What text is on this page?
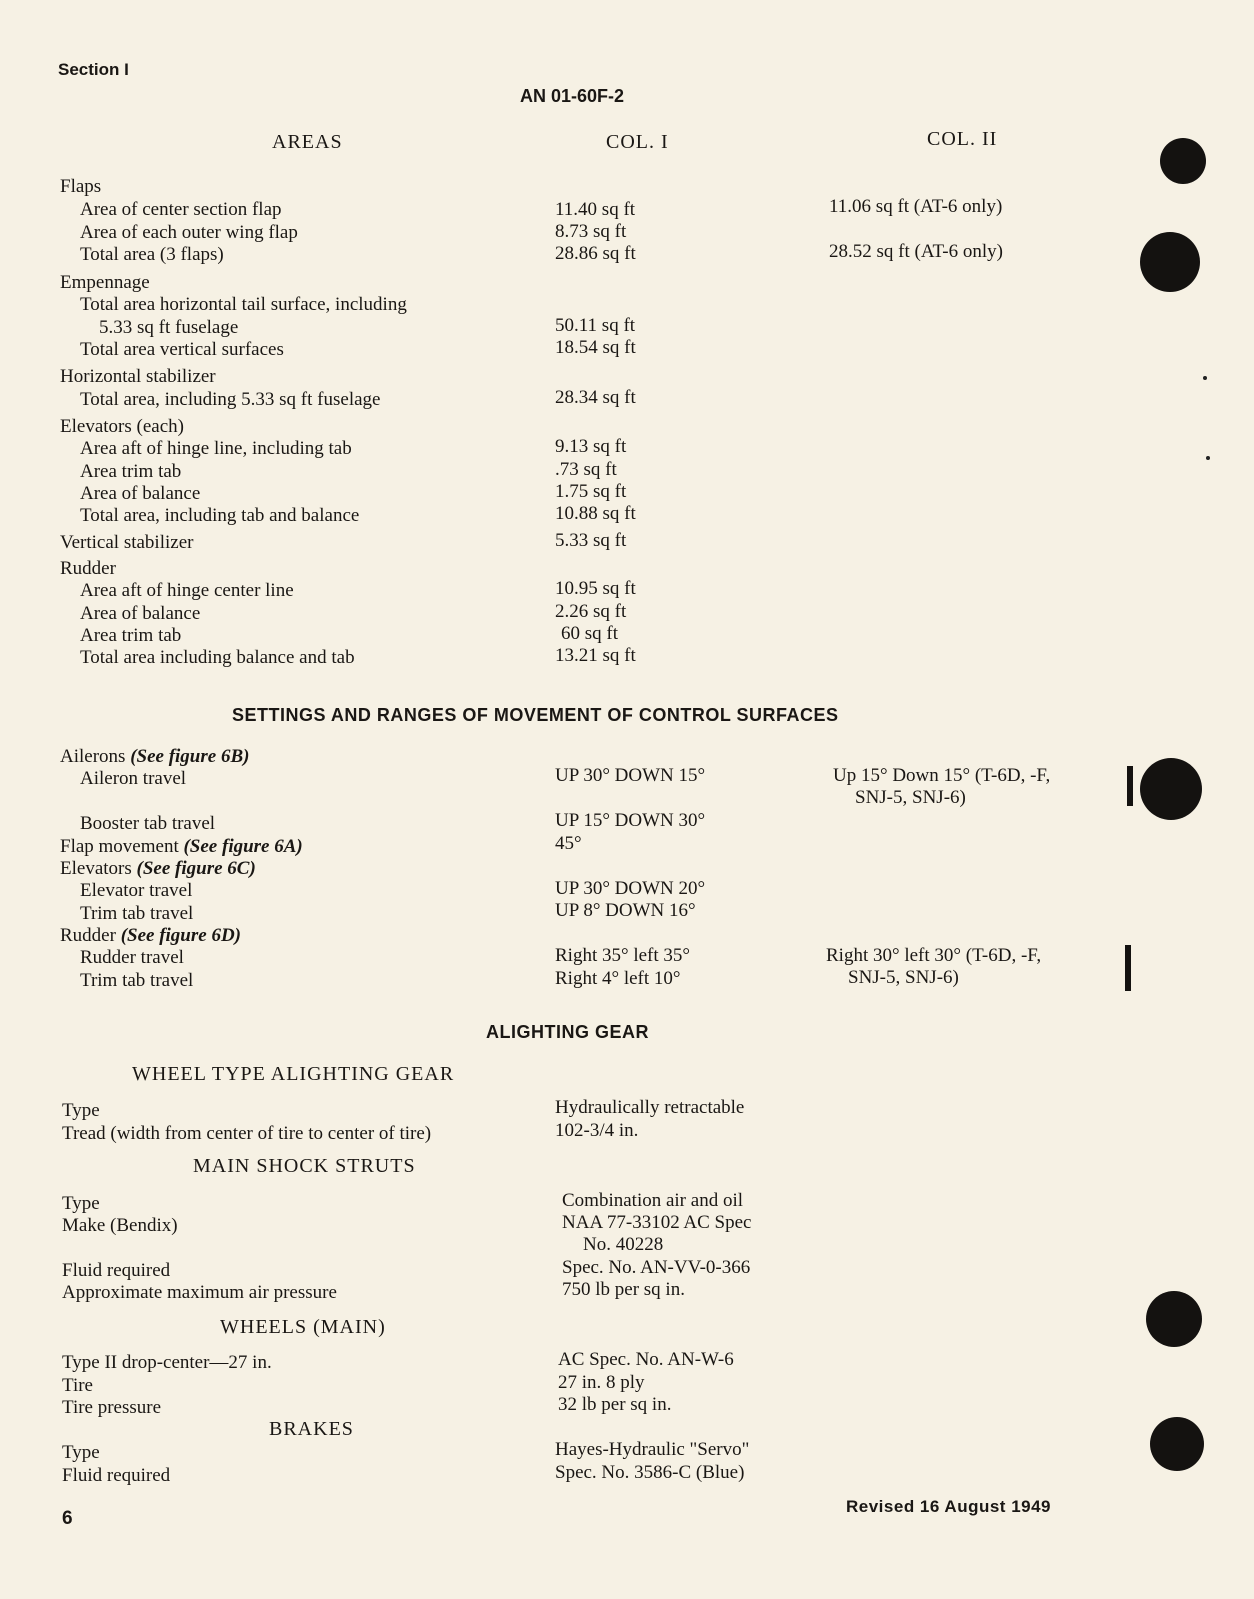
Section I
AN 01-60F-2
AREAS	COL. I	COL. II
Flaps
Area of center section flap	11.40 sq ft	11.06 sq ft (AT-6 only)
Area of each outer wing flap	8.73 sq ft
Total area (3 flaps)	28.86 sq ft	28.52 sq ft (AT-6 only)
Empennage
Total area horizontal tail surface, including
5.33 sq ft fuselage	50.11 sq ft
Total area vertical surfaces	18.54 sq ft
Horizontal stabilizer
Total area, including 5.33 sq ft fuselage	28.34 sq ft
Elevators (each)
Area aft of hinge line, including tab	9.13 sq ft
Area trim tab	.73 sq ft
Area of balance	1.75 sq ft
Total area, including tab and balance	10.88 sq ft
Vertical stabilizer	5.33 sq ft
Rudder
Area aft of hinge center line	10.95 sq ft
Area of balance	2.26 sq ft
Area trim tab	60 sq ft
Total area including balance and tab	13.21 sq ft
SETTINGS AND RANGES OF MOVEMENT OF CONTROL SURFACES
Ailerons (See figure 6B)
Aileron travel	UP 30° DOWN 15°	Up 15° Down 15° (T-6D, -F,
SNJ-5, SNJ-6)
Booster tab travel	UP 15° DOWN 30°
Flap movement (See figure 6A)	45°
Elevators (See figure 6C)
Elevator travel	UP 30° DOWN 20°
Trim tab travel	UP 8° DOWN 16°
Rudder (See figure 6D)
Rudder travel	Right 35° left 35°	Right 30° left 30° (T-6D, -F,
SNJ-5, SNJ-6)
Trim tab travel	Right 4° left 10°
ALIGHTING GEAR
WHEEL TYPE ALIGHTING GEAR
Type	Hydraulically retractable
Tread (width from center of tire to center of tire)	102-3/4 in.
MAIN SHOCK STRUTS
Type	Combination air and oil
Make (Bendix)	NAA 77-33102 AC Spec
No. 40228
Fluid required	Spec. No. AN-VV-0-366
Approximate maximum air pressure	750 lb per sq in.
WHEELS (MAIN)
Type II drop-center—27 in.	AC Spec. No. AN-W-6
Tire	27 in. 8 ply
Tire pressure	32 lb per sq in.
BRAKES
Type	Hayes-Hydraulic "Servo"
Fluid required	Spec. No. 3586-C (Blue)
6
Revised 16 August 1949
